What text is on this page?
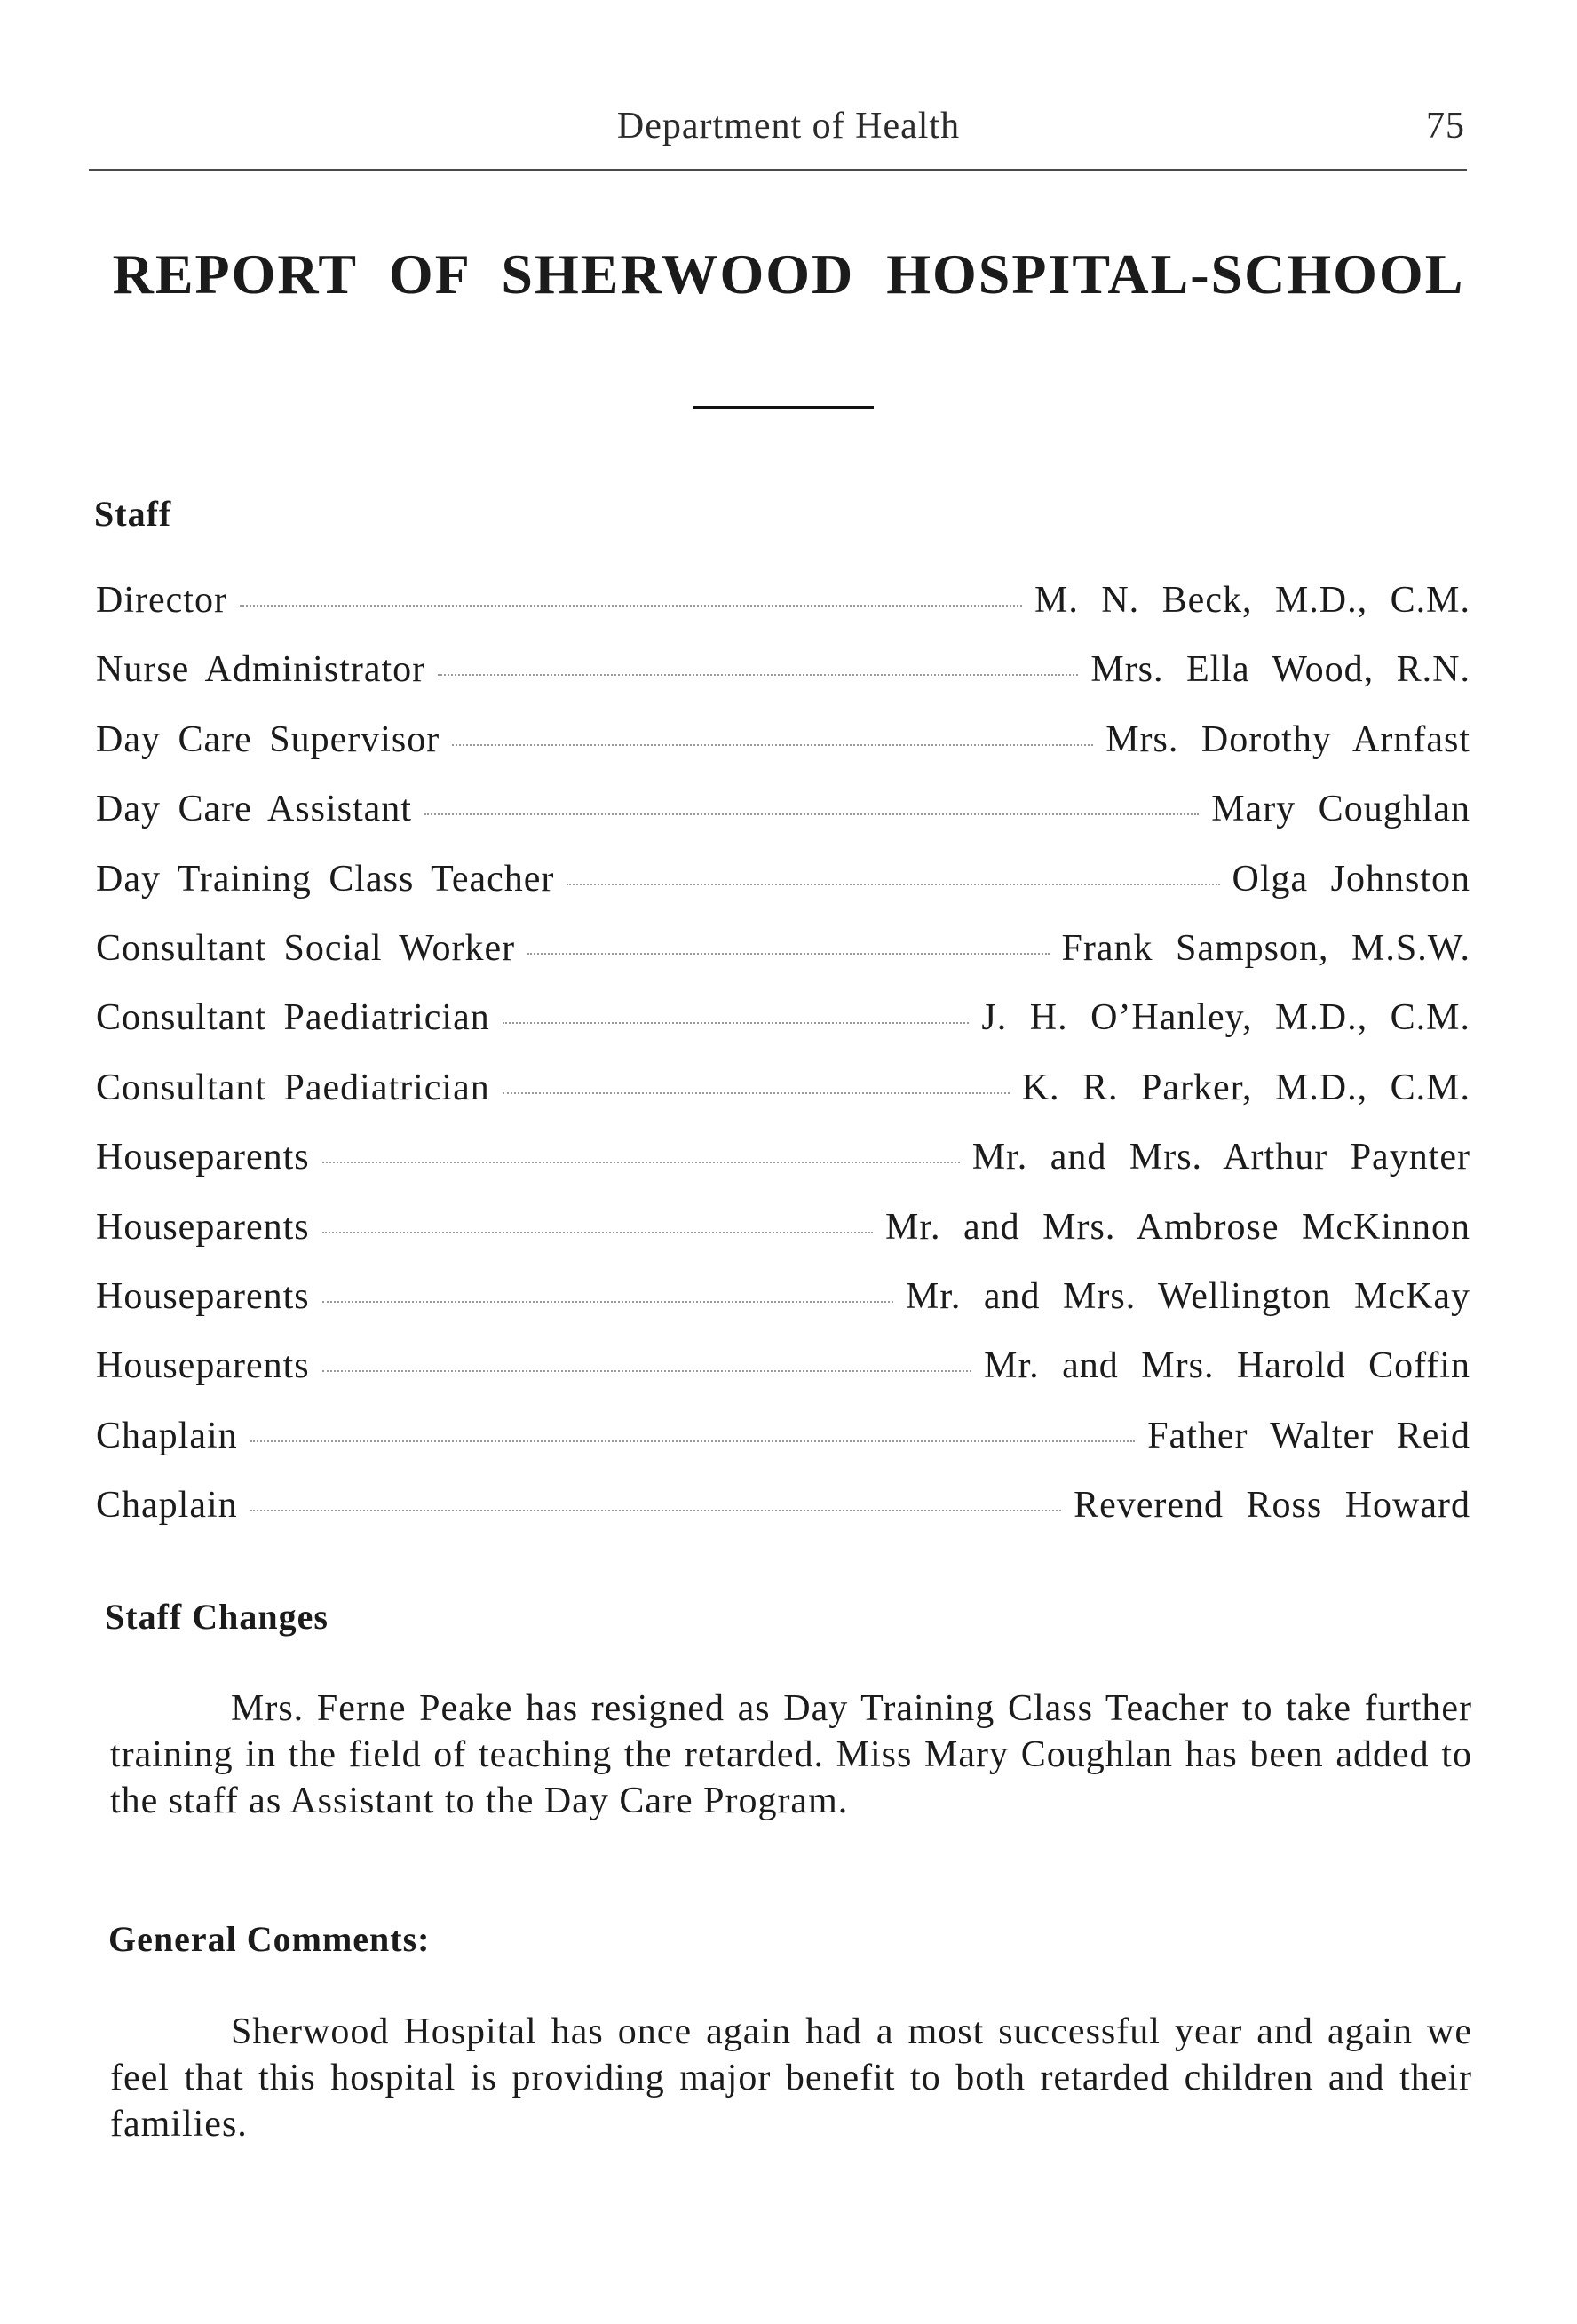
Department of Health	75
REPORT OF SHERWOOD HOSPITAL-SCHOOL
Staff
Director	M. N. Beck, M.D., C.M.
Nurse Administrator	Mrs. Ella Wood, R.N.
Day Care Supervisor	Mrs. Dorothy Arnfast
Day Care Assistant	Mary Coughlan
Day Training Class Teacher	Olga Johnston
Consultant Social Worker	Frank Sampson, M.S.W.
Consultant Paediatrician	J. H. O’Hanley, M.D., C.M.
Consultant Paediatrician	K. R. Parker, M.D., C.M.
Houseparents	Mr. and Mrs. Arthur Paynter
Houseparents	Mr. and Mrs. Ambrose McKinnon
Houseparents	Mr. and Mrs. Wellington McKay
Houseparents	Mr. and Mrs. Harold Coffin
Chaplain	Father Walter Reid
Chaplain	Reverend Ross Howard
Staff Changes

Mrs. Ferne Peake has resigned as Day Training Class Teacher to take further training in the field of teaching the retarded. Miss Mary Coughlan has been added to the staff as Assistant to the Day Care Program.

General Comments:

Sherwood Hospital has once again had a most successful year and again we feel that this hospital is providing major benefit to both retarded children and their families.
